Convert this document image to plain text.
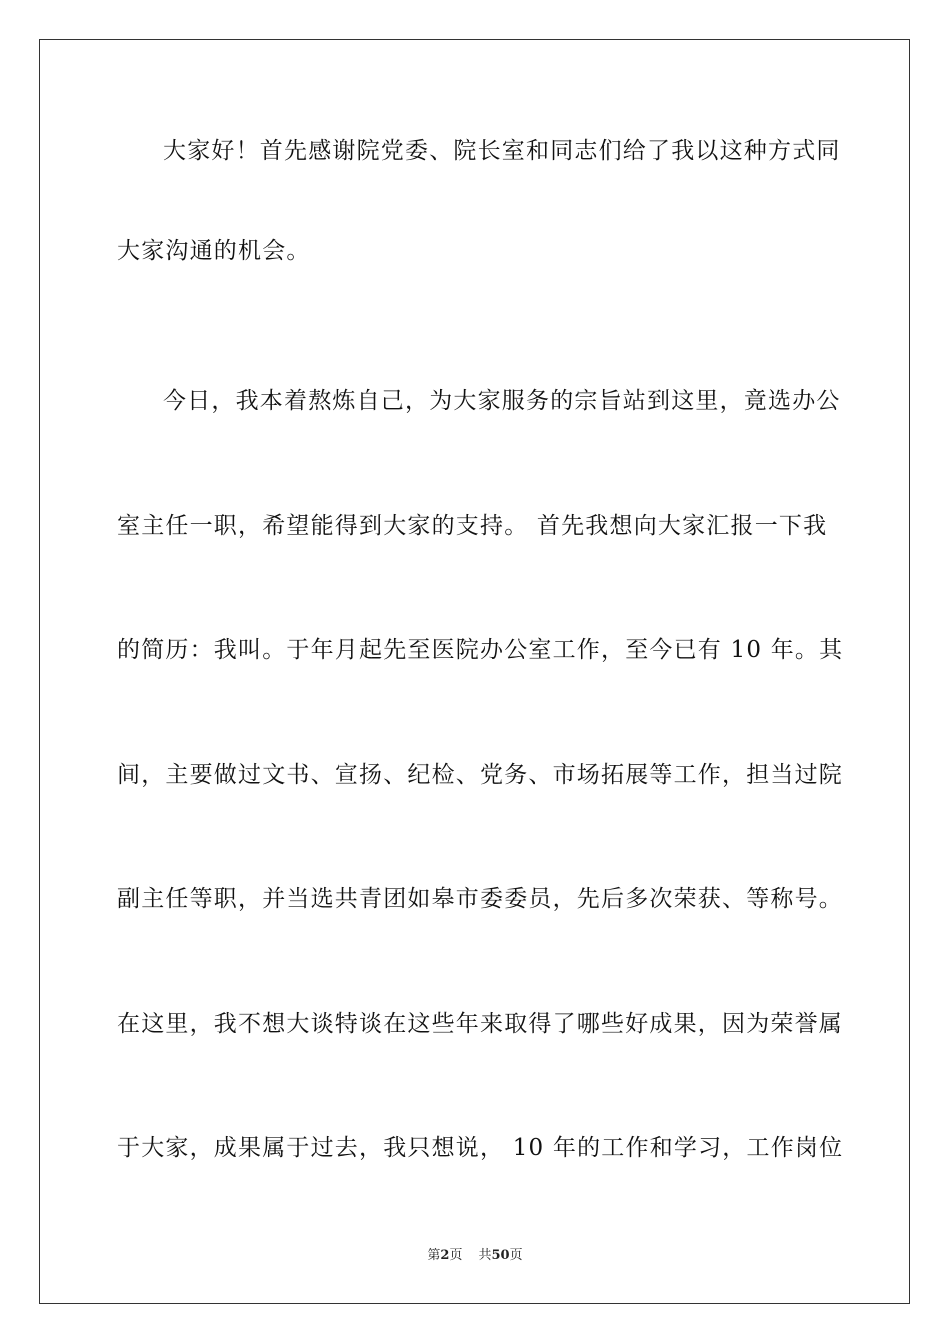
大家好！首先感谢院党委、院长室和同志们给了我以这种方式同
大家沟通的机会。
今日，我本着熬炼自己，为大家服务的宗旨站到这里，竟选办公
室主任一职，希望能得到大家的支持。 首先我想向大家汇报一下我
的简历：我叫。于年月起先至医院办公室工作，至今已有 10 年。其
间，主要做过文书、宣扬、纪检、党务、市场拓展等工作，担当过院
副主任等职，并当选共青团如皋市委委员，先后多次荣获、等称号。
在这里，我不想大谈特谈在这些年来取得了哪些好成果，因为荣誉属
于大家，成果属于过去，我只想说， 10 年的工作和学习，工作岗位
第2页 共50页
